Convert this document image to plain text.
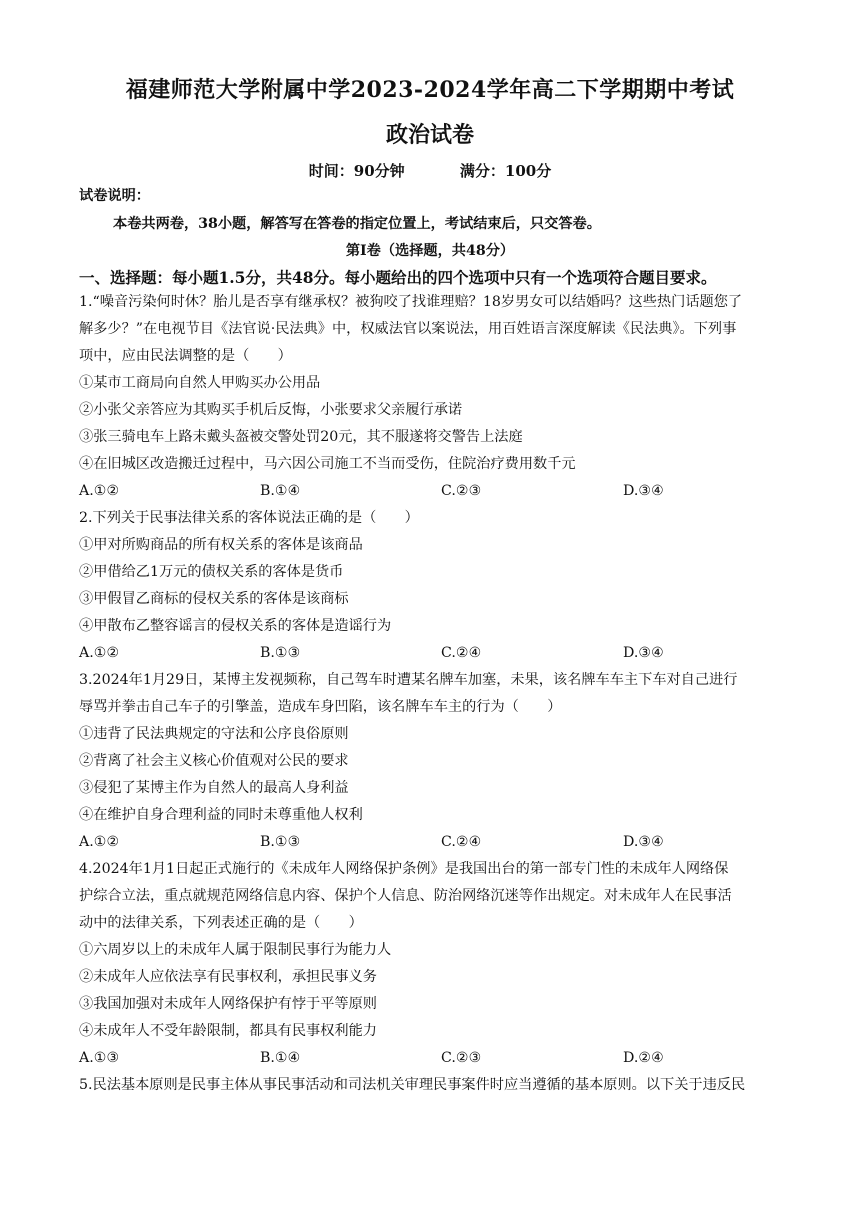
福建师范大学附属中学2023-2024学年高二下学期期中考试
政治试卷
时间：90分钟	满分：100分
试卷说明：
本卷共两卷，38小题，解答写在答卷的指定位置上，考试结束后，只交答卷。
第Ⅰ卷（选择题，共48分）
一、选择题：每小题1.5分，共48分。每小题给出的四个选项中只有一个选项符合题目要求。
1.“噪音污染何时休？胎儿是否享有继承权？被狗咬了找谁理赔？18岁男女可以结婚吗？这些热门话题您了
解多少？”在电视节目《法官说·民法典》中，权威法官以案说法，用百姓语言深度解读《民法典》。下列事
项中，应由民法调整的是（　　）
①某市工商局向自然人甲购买办公用品
②小张父亲答应为其购买手机后反悔，小张要求父亲履行承诺
③张三骑电车上路未戴头盔被交警处罚20元，其不服遂将交警告上法庭
④在旧城区改造搬迁过程中，马六因公司施工不当而受伤，住院治疗费用数千元
A.①②	B.①④	C.②③	D.③④
2.下列关于民事法律关系的客体说法正确的是（　　）
①甲对所购商品的所有权关系的客体是该商品
②甲借给乙1万元的债权关系的客体是货币
③甲假冒乙商标的侵权关系的客体是该商标
④甲散布乙整容谣言的侵权关系的客体是造谣行为
A.①②	B.①③	C.②④	D.③④
3.2024年1月29日，某博主发视频称，自己驾车时遭某名牌车加塞，未果，该名牌车车主下车对自己进行
辱骂并拳击自己车子的引擎盖，造成车身凹陷，该名牌车车主的行为（　　）
①违背了民法典规定的守法和公序良俗原则
②背离了社会主义核心价值观对公民的要求
③侵犯了某博主作为自然人的最高人身利益
④在维护自身合理利益的同时未尊重他人权利
A.①②	B.①③	C.②④	D.③④
4.2024年1月1日起正式施行的《未成年人网络保护条例》是我国出台的第一部专门性的未成年人网络保
护综合立法，重点就规范网络信息内容、保护个人信息、防治网络沉迷等作出规定。对未成年人在民事活
动中的法律关系，下列表述正确的是（　　）
①六周岁以上的未成年人属于限制民事行为能力人
②未成年人应依法享有民事权利，承担民事义务
③我国加强对未成年人网络保护有悖于平等原则
④未成年人不受年龄限制，都具有民事权利能力
A.①③	B.①④	C.②③	D.②④
5.民法基本原则是民事主体从事民事活动和司法机关审理民事案件时应当遵循的基本原则。以下关于违反民
